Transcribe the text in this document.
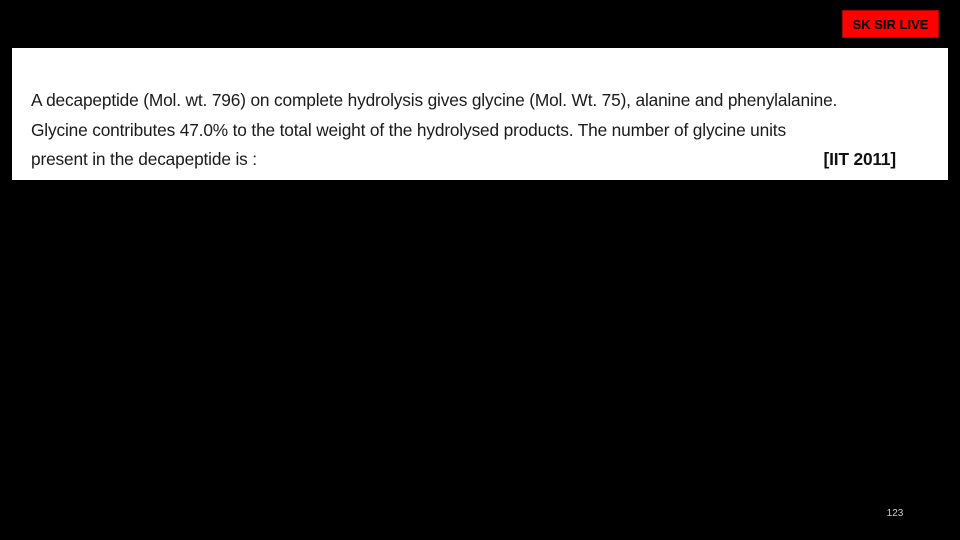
SK SIR LIVE
A decapeptide (Mol. wt. 796) on complete hydrolysis gives glycine (Mol. Wt. 75), alanine and phenylalanine.
Glycine contributes 47.0% to the total weight of the hydrolysed products. The number of glycine units
present in the decapeptide is :	[IIT 2011]
123
